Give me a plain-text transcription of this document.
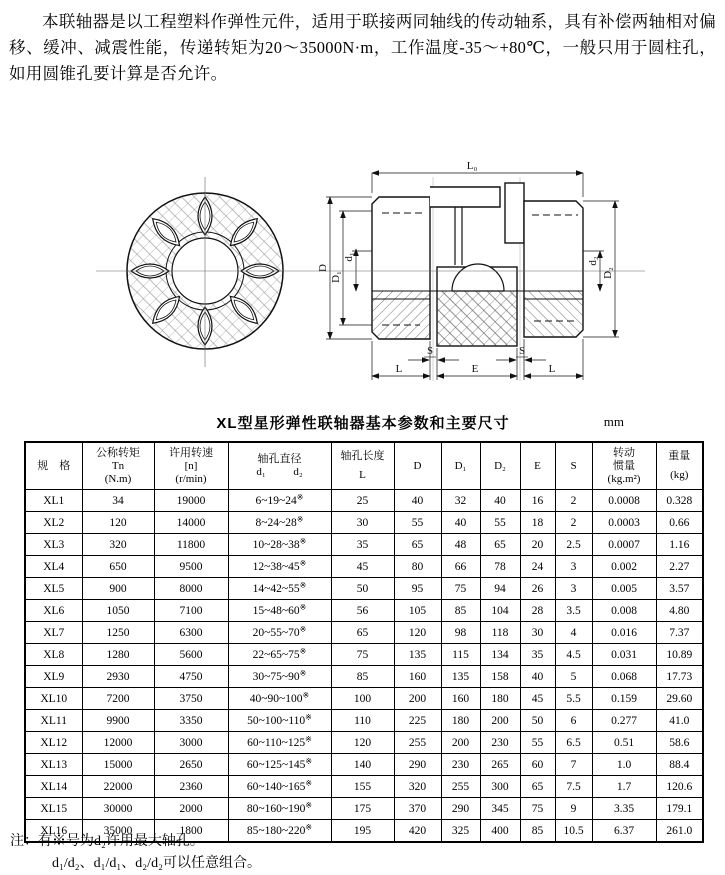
本联轴器是以工程塑料作弹性元件，适用于联接两同轴线的传动轴系，具有补偿两轴相对偏移、缓冲、减震性能，传递转矩为20～35000N·m，工作温度-35～+80℃，一般只用于圆柱孔，如用圆锥孔要计算是否允许。

L₀
D
D₁
d₁	d₂
D₂
S	S
L	E	L
XL型星形弹性联轴器基本参数和主要尺寸	mm
规　格

公称转矩
Tn
(N.m)

许用转速
[n]
(r/min)

轴孔直径
d₁	d₂

轴孔长度
L

D	D₁	D₂	E	S

转动
惯量
(kg.m²)

重量
(kg)

XL1	34	19000	6~19~24※	25	40	32	40	16	2	0.0008	0.328
XL2	120	14000	8~24~28※	30	55	40	55	18	2	0.0003	0.66
XL3	320	11800	10~28~38※	35	65	48	65	20	2.5	0.0007	1.16
XL4	650	9500	12~38~45※	45	80	66	78	24	3	0.002	2.27
XL5	900	8000	14~42~55※	50	95	75	94	26	3	0.005	3.57
XL6	1050	7100	15~48~60※	56	105	85	104	28	3.5	0.008	4.80
XL7	1250	6300	20~55~70※	65	120	98	118	30	4	0.016	7.37
XL8	1280	5600	22~65~75※	75	135	115	134	35	4.5	0.031	10.89
XL9	2930	4750	30~75~90※	85	160	135	158	40	5	0.068	17.73
XL10	7200	3750	40~90~100※	100	200	160	180	45	5.5	0.159	29.60
XL11	9900	3350	50~100~110※	110	225	180	200	50	6	0.277	41.0
XL12	12000	3000	60~110~125※	120	255	200	230	55	6.5	0.51	58.6
XL13	15000	2650	60~125~145※	140	290	230	265	60	7	1.0	88.4
XL14	22000	2360	60~140~165※	155	320	255	300	65	7.5	1.7	120.6
XL15	30000	2000	80~160~190※	175	370	290	345	75	9	3.35	179.1
XL16	35000	1800	85~180~220※	195	420	325	400	85	10.5	6.37	261.0
注：有※号为d₂许用最大轴孔。
d₁/d₂、d₁/d₁、d₂/d₂可以任意组合。
